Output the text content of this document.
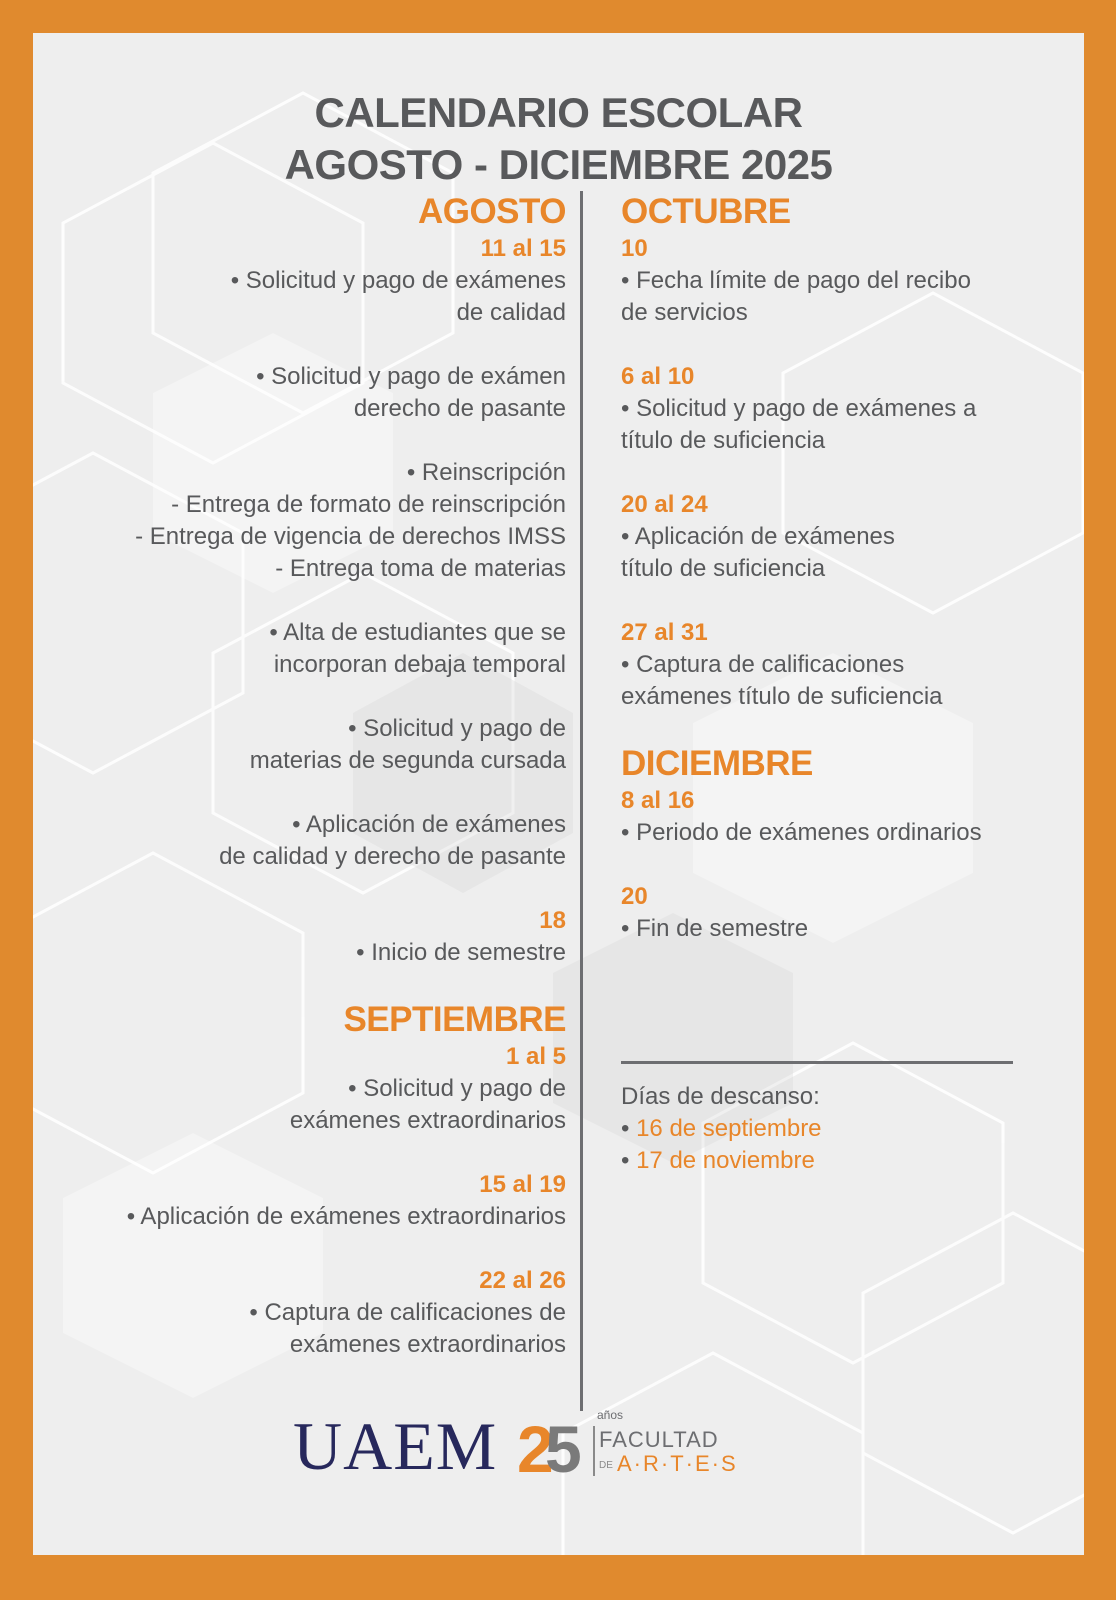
CALENDARIO ESCOLAR
AGOSTO - DICIEMBRE 2025
AGOSTO
11 al 15
• Solicitud y pago de exámenes
de calidad
• Solicitud y pago de exámen
derecho de pasante
• Reinscripción
- Entrega de formato de reinscripción
- Entrega de vigencia de derechos IMSS
- Entrega toma de materias
• Alta de estudiantes que se
incorporan debaja temporal
• Solicitud y pago de
materias de segunda cursada
• Aplicación de exámenes
de calidad y derecho de pasante
18
• Inicio de semestre
SEPTIEMBRE
1 al 5
• Solicitud y pago de
exámenes extraordinarios
15 al 19
• Aplicación de exámenes extraordinarios
22 al 26
• Captura de calificaciones de
exámenes extraordinarios
OCTUBRE
10
• Fecha límite de pago del recibo
de servicios
6 al 10
• Solicitud y pago de exámenes a
título de suficiencia
20 al 24
• Aplicación de exámenes
título de suficiencia
27 al 31
• Captura de calificaciones
exámenes título de suficiencia
DICIEMBRE
8 al 16
• Periodo de exámenes ordinarios
20
• Fin de semestre
Días de descanso:
• 16 de septiembre
• 17 de noviembre
UAEM 2
5 años
FACULTAD
DE A·R·T·E·S
